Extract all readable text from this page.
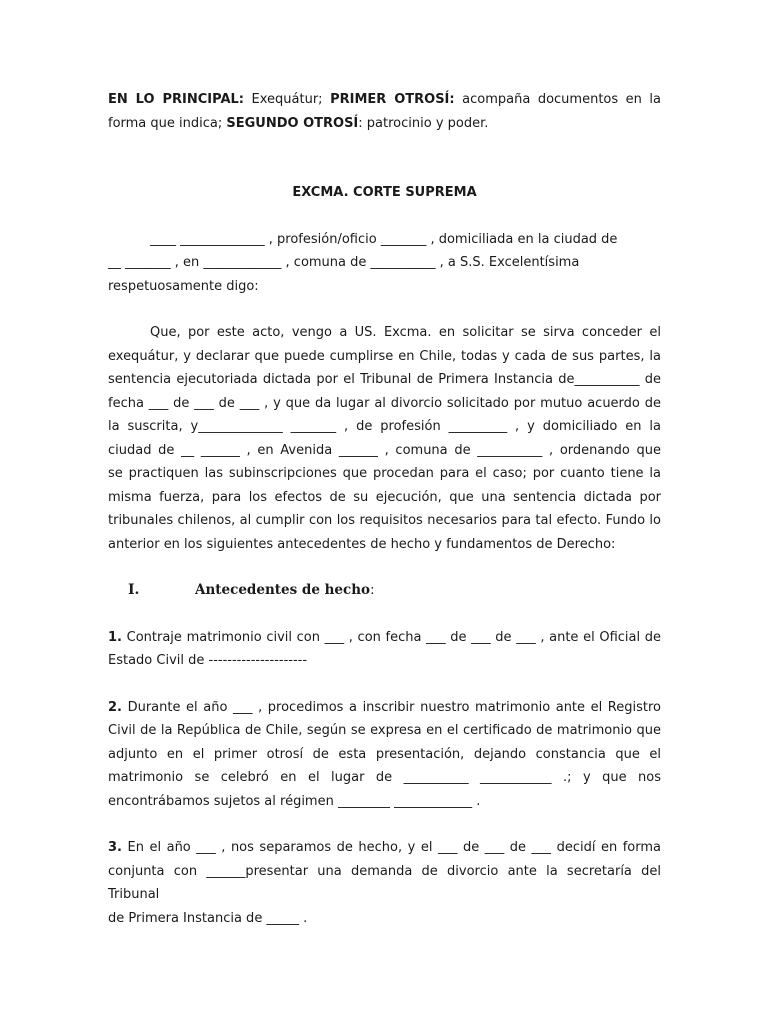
EN LO PRINCIPAL: Exequátur; PRIMER OTROSÍ: acompaña documentos en la
forma que indica; SEGUNDO OTROSÍ: patrocinio y poder.
EXCMA. CORTE SUPREMA
____ _____________ , profesión/oficio _______ , domiciliada en la ciudad de
__ _______ , en ____________ , comuna de __________ , a S.S. Excelentísima
respetuosamente digo:
Que, por este acto, vengo a US. Excma. en solicitar se sirva conceder el
exequátur, y declarar que puede cumplirse en Chile, todas y cada de sus partes, la
sentencia ejecutoriada dictada por el Tribunal de Primera Instancia de__________ de
fecha ___ de ___ de ___ , y que da lugar al divorcio solicitado por mutuo acuerdo de
la suscrita, y_____________ _______ , de profesión _________ , y domiciliado en la
ciudad de __ ______ , en Avenida ______ , comuna de __________ , ordenando que
se practiquen las subinscripciones que procedan para el caso; por cuanto tiene la
misma fuerza, para los efectos de su ejecución, que una sentencia dictada por
tribunales chilenos, al cumplir con los requisitos necesarios para tal efecto. Fundo lo
anterior en los siguientes antecedentes de hecho y fundamentos de Derecho:
I.	Antecedentes de hecho:
1. Contraje matrimonio civil con ___ , con fecha ___ de ___ de ___ , ante el Oficial de
Estado Civil de ---------------------
2. Durante el año ___ , procedimos a inscribir nuestro matrimonio ante el Registro
Civil de la República de Chile, según se expresa en el certificado de matrimonio que
adjunto en el primer otrosí de esta presentación, dejando constancia que el
matrimonio se celebró en el lugar de __________ ___________ .; y que nos
encontrábamos sujetos al régimen ________ ____________ .
3. En el año ___ , nos separamos de hecho, y el ___ de ___ de ___ decidí en forma
conjunta con ______presentar una demanda de divorcio ante la secretaría del Tribunal
de Primera Instancia de _____ .
